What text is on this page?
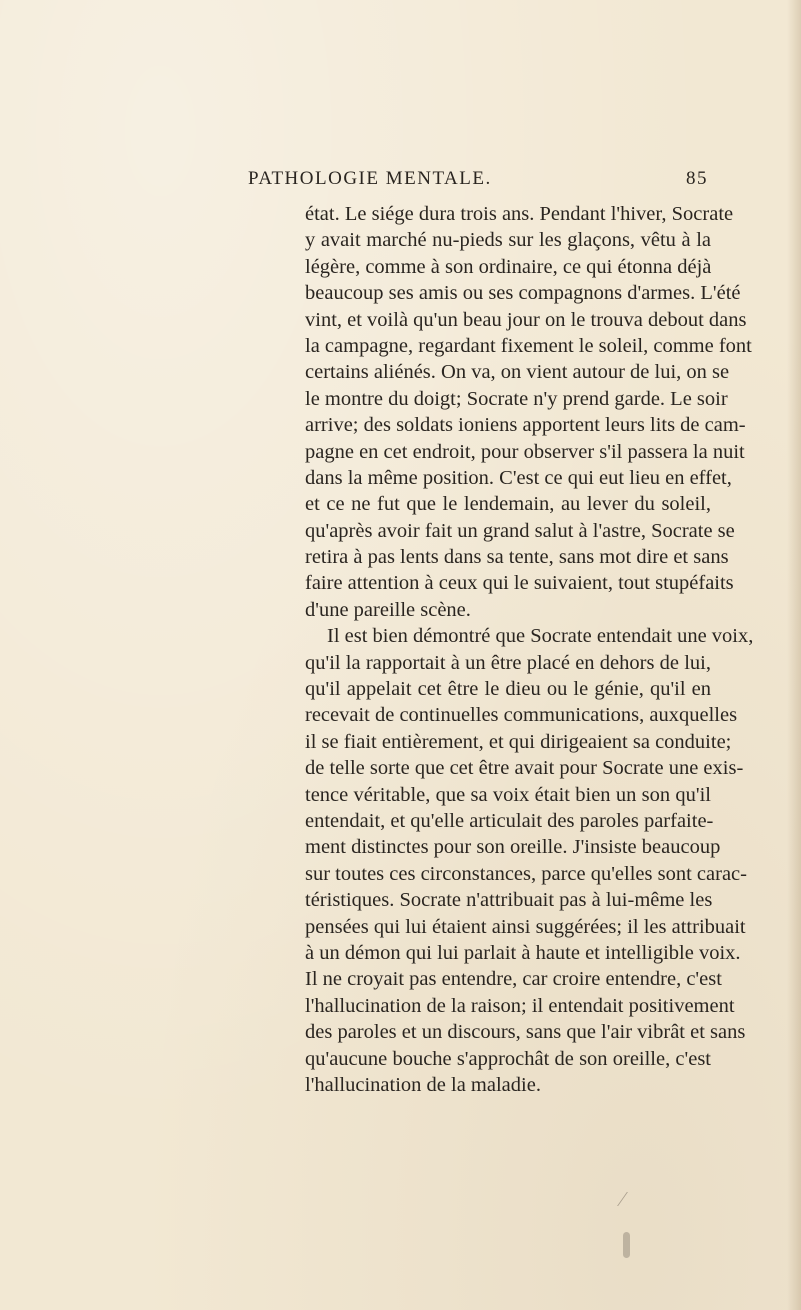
PATHOLOGIE MENTALE.	85
état. Le siége dura trois ans. Pendant l'hiver, Socrate
y avait marché nu-pieds sur les glaçons, vêtu à la
légère, comme à son ordinaire, ce qui étonna déjà
beaucoup ses amis ou ses compagnons d'armes. L'été
vint, et voilà qu'un beau jour on le trouva debout dans
la campagne, regardant fixement le soleil, comme font
certains aliénés. On va, on vient autour de lui, on se
le montre du doigt; Socrate n'y prend garde. Le soir
arrive; des soldats ioniens apportent leurs lits de cam-
pagne en cet endroit, pour observer s'il passera la nuit
dans la même position. C'est ce qui eut lieu en effet,
et ce ne fut que le lendemain, au lever du soleil,
qu'après avoir fait un grand salut à l'astre, Socrate se
retira à pas lents dans sa tente, sans mot dire et sans
faire attention à ceux qui le suivaient, tout stupéfaits
d'une pareille scène.
Il est bien démontré que Socrate entendait une voix,
qu'il la rapportait à un être placé en dehors de lui,
qu'il appelait cet être le dieu ou le génie, qu'il en
recevait de continuelles communications, auxquelles
il se fiait entièrement, et qui dirigeaient sa conduite;
de telle sorte que cet être avait pour Socrate une exis-
tence véritable, que sa voix était bien un son qu'il
entendait, et qu'elle articulait des paroles parfaite-
ment distinctes pour son oreille. J'insiste beaucoup
sur toutes ces circonstances, parce qu'elles sont carac-
téristiques. Socrate n'attribuait pas à lui-même les
pensées qui lui étaient ainsi suggérées; il les attribuait
à un démon qui lui parlait à haute et intelligible voix.
Il ne croyait pas entendre, car croire entendre, c'est
l'hallucination de la raison; il entendait positivement
des paroles et un discours, sans que l'air vibrât et sans
qu'aucune bouche s'approchât de son oreille, c'est
l'hallucination de la maladie.
